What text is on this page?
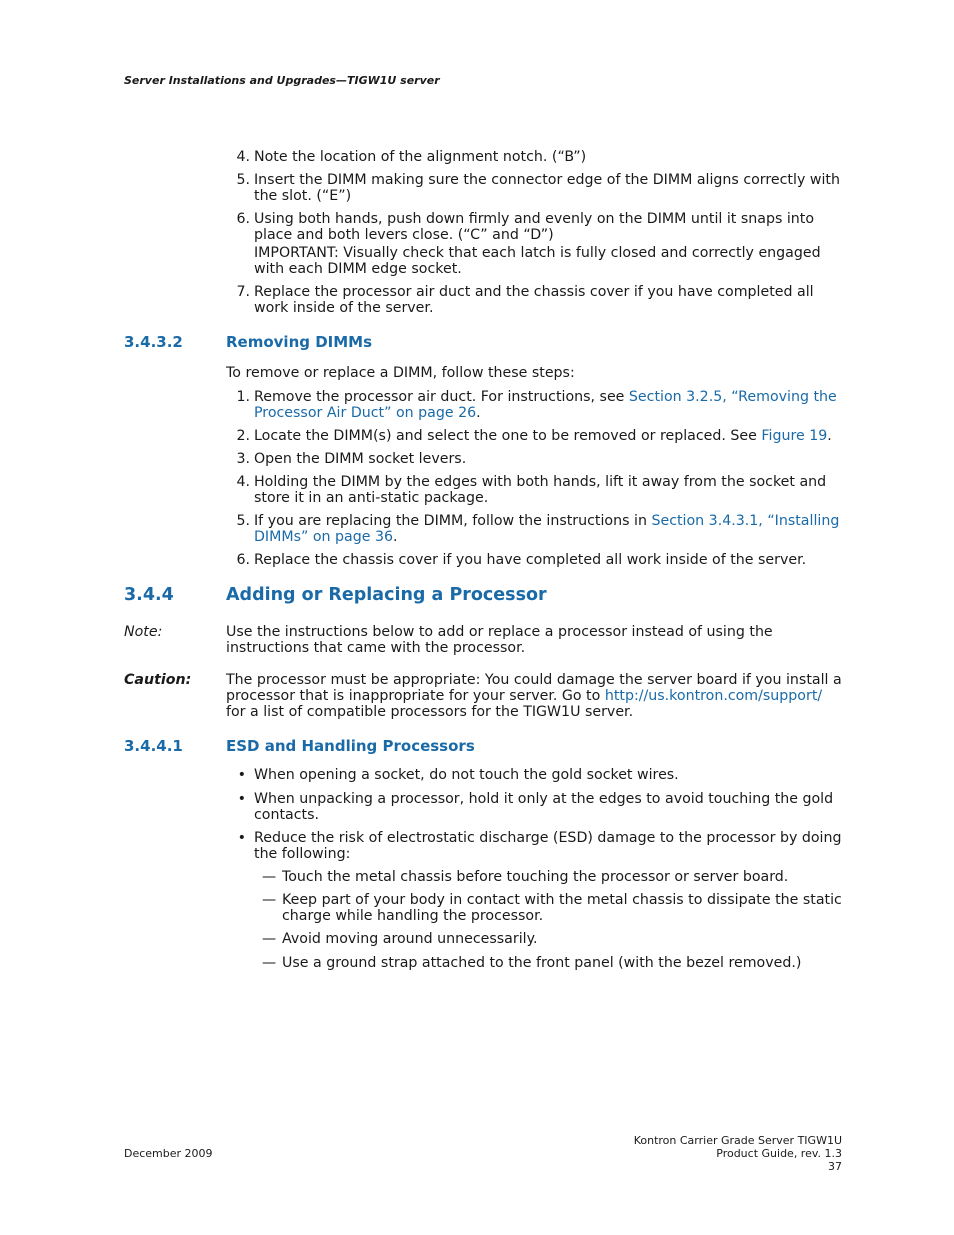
Server Installations and Upgrades—TIGW1U server
4. Note the location of the alignment notch. (“B”)
5. Insert the DIMM making sure the connector edge of the DIMM aligns correctly with the slot. (“E”)
6. Using both hands, push down firmly and evenly on the DIMM until it snaps into place and both levers close. (“C” and “D”)
IMPORTANT: Visually check that each latch is fully closed and correctly engaged with each DIMM edge socket.
7. Replace the processor air duct and the chassis cover if you have completed all work inside of the server.
3.4.3.2	Removing DIMMs
To remove or replace a DIMM, follow these steps:
1. Remove the processor air duct. For instructions, see Section 3.2.5, “Removing the Processor Air Duct” on page 26.
2. Locate the DIMM(s) and select the one to be removed or replaced. See Figure 19.
3. Open the DIMM socket levers.
4. Holding the DIMM by the edges with both hands, lift it away from the socket and store it in an anti-static package.
5. If you are replacing the DIMM, follow the instructions in Section 3.4.3.1, “Installing DIMMs” on page 36.
6. Replace the chassis cover if you have completed all work inside of the server.
3.4.4	Adding or Replacing a Processor
Note:	Use the instructions below to add or replace a processor instead of using the instructions that came with the processor.
Caution: The processor must be appropriate: You could damage the server board if you install a processor that is inappropriate for your server. Go to http://us.kontron.com/support/ for a list of compatible processors for the TIGW1U server.
3.4.4.1	ESD and Handling Processors
• When opening a socket, do not touch the gold socket wires.
• When unpacking a processor, hold it only at the edges to avoid touching the gold contacts.
• Reduce the risk of electrostatic discharge (ESD) damage to the processor by doing the following:
— Touch the metal chassis before touching the processor or server board.
— Keep part of your body in contact with the metal chassis to dissipate the static charge while handling the processor.
— Avoid moving around unnecessarily.
— Use a ground strap attached to the front panel (with the bezel removed.)
December 2009
Kontron Carrier Grade Server TIGW1U
Product Guide, rev. 1.3
37
